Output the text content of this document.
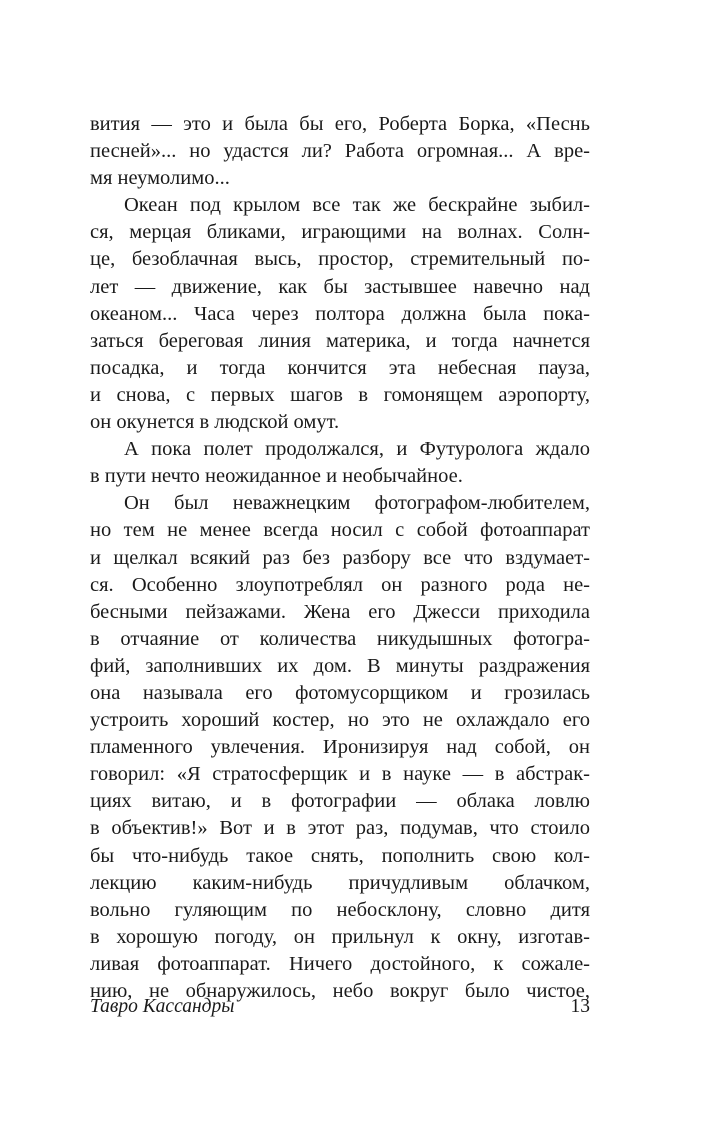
вития — это и была бы его, Роберта Борка, «Песнь
песней»... но удастся ли? Работа огромная... А вре-
мя неумолимо...
Океан под крылом все так же бескрайне зыбил-
ся, мерцая бликами, играющими на волнах. Солн-
це, безоблачная высь, простор, стремительный по-
лет — движение, как бы застывшее навечно над
океаном... Часа через полтора должна была пока-
заться береговая линия материка, и тогда начнется
посадка, и тогда кончится эта небесная пауза,
и снова, с первых шагов в гомонящем аэропорту,
он окунется в людской омут.
А пока полет продолжался, и Футуролога ждало
в пути нечто неожиданное и необычайное.
Он был неважнецким фотографом-любителем,
но тем не менее всегда носил с собой фотоаппарат
и щелкал всякий раз без разбору все что вздумает-
ся. Особенно злоупотреблял он разного рода не-
бесными пейзажами. Жена его Джесси приходила
в отчаяние от количества никудышных фотогра-
фий, заполнивших их дом. В минуты раздражения
она называла его фотомусорщиком и грозилась
устроить хороший костер, но это не охлаждало его
пламенного увлечения. Иронизируя над собой, он
говорил: «Я стратосферщик и в науке — в абстрак-
циях витаю, и в фотографии — облака ловлю
в объектив!» Вот и в этот раз, подумав, что стоило
бы что-нибудь такое снять, пополнить свою кол-
лекцию каким-нибудь причудливым облачком,
вольно гуляющим по небосклону, словно дитя
в хорошую погоду, он прильнул к окну, изготав-
ливая фотоаппарат. Ничего достойного, к сожале-
нию, не обнаружилось, небо вокруг было чистое,
Тавро Кассандры	13
